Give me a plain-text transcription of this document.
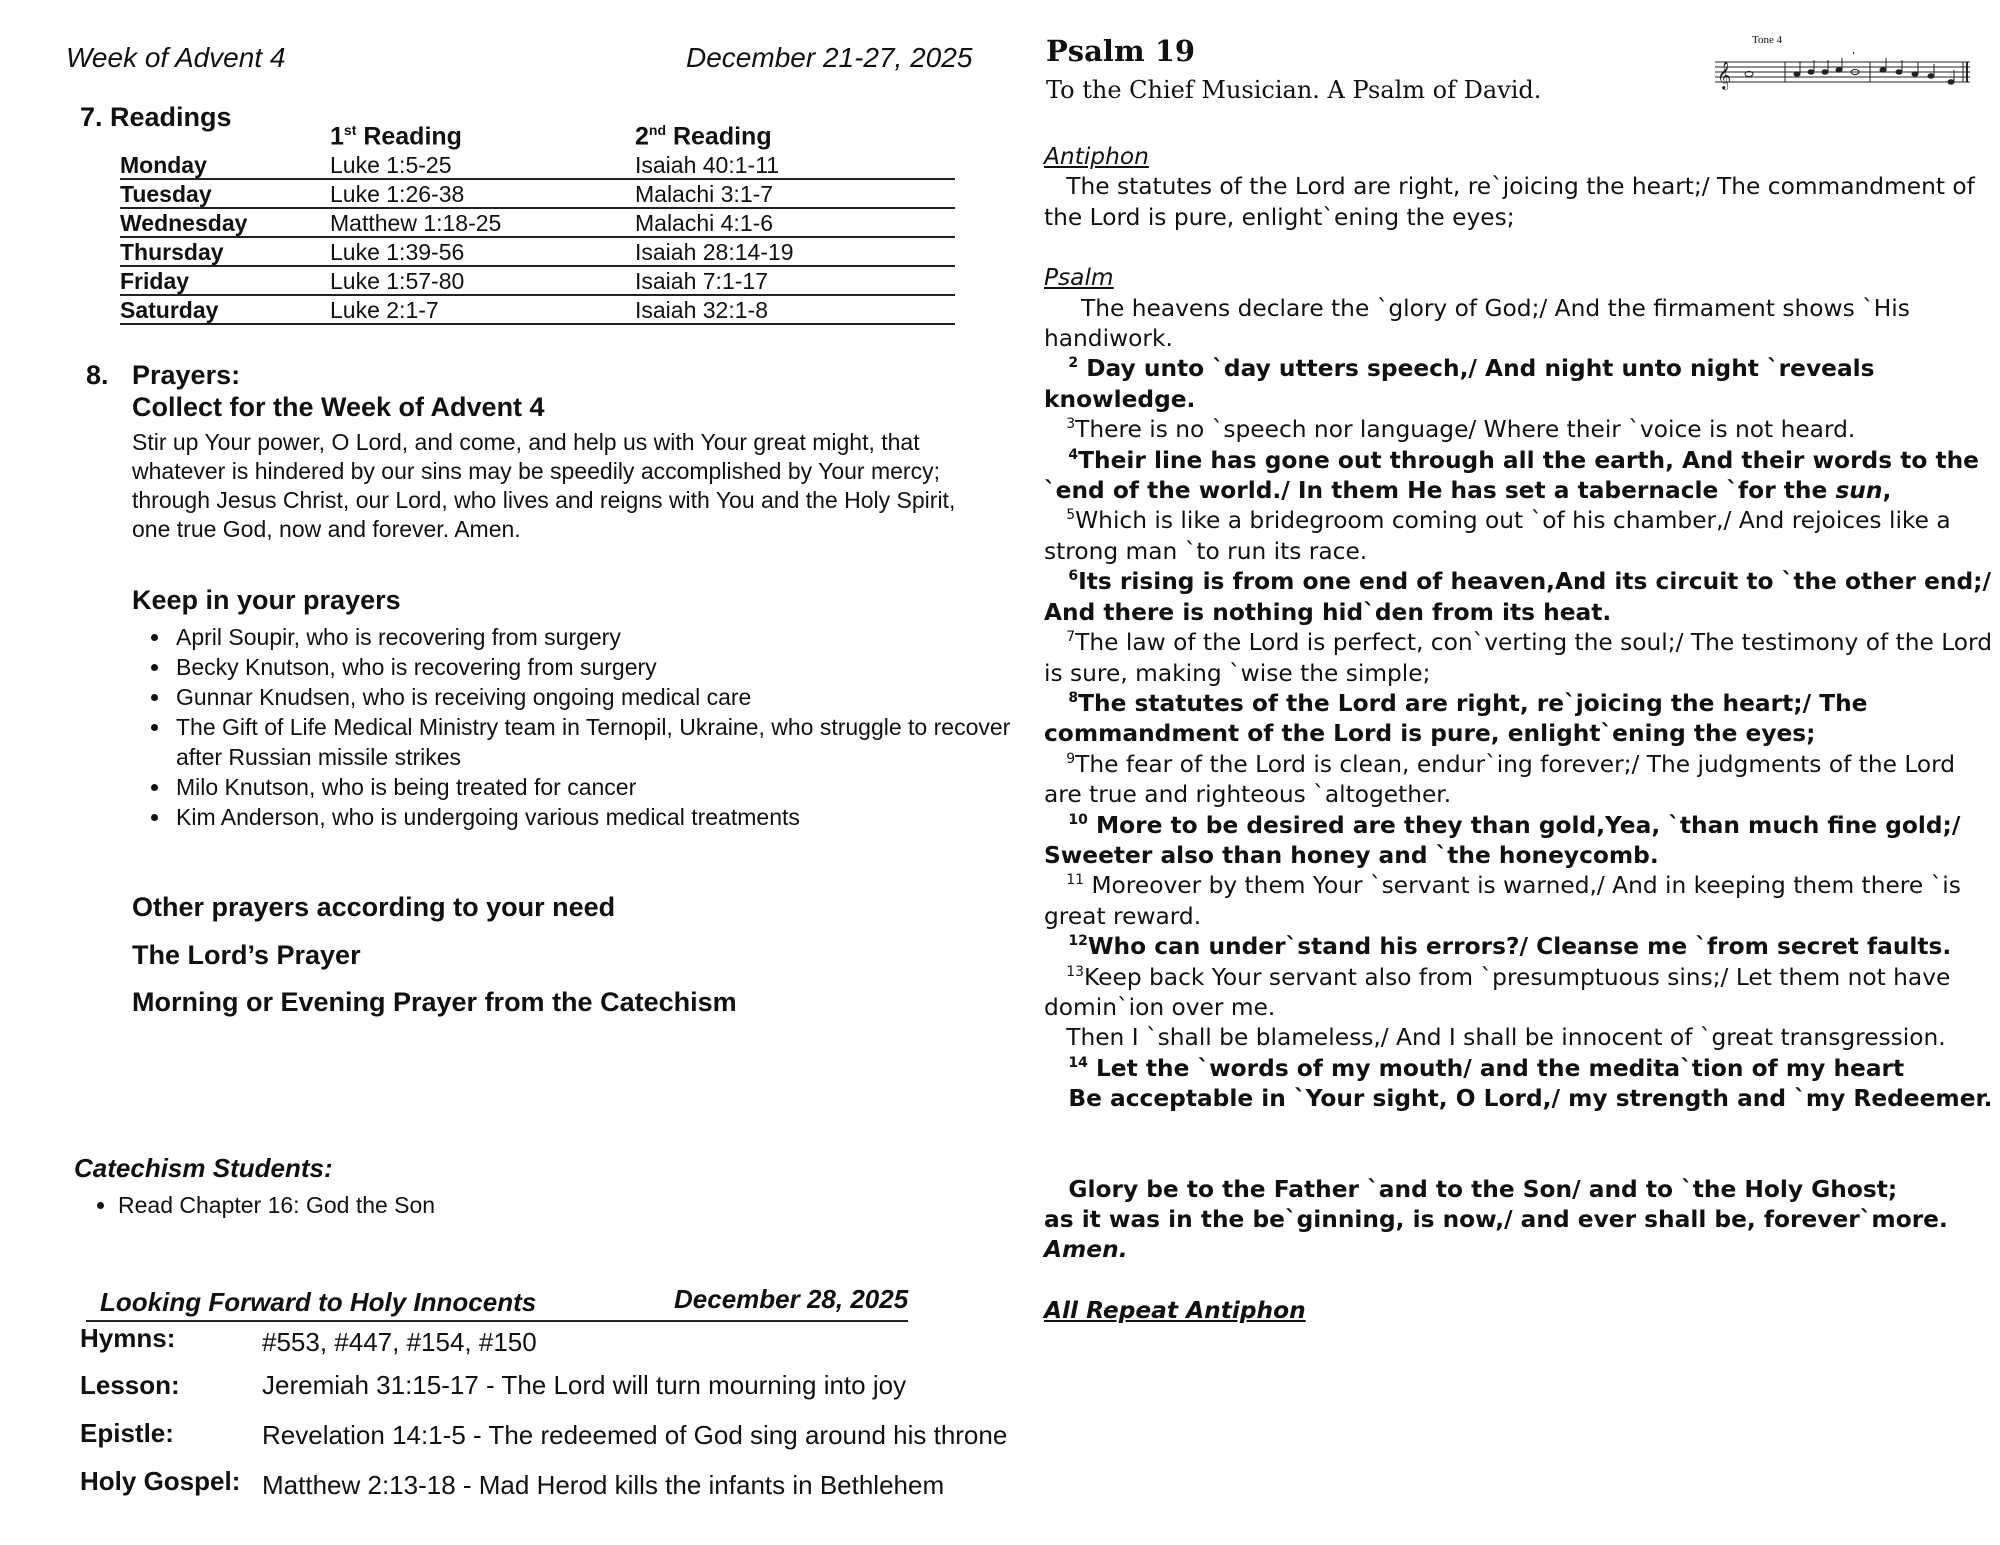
Week of Advent 4	December 21-27, 2025
7. Readings
	1st Reading	2nd Reading
Monday	Luke 1:5-25	Isaiah 40:1-11
Tuesday	Luke 1:26-38	Malachi 3:1-7
Wednesday	Matthew 1:18-25	Malachi 4:1-6
Thursday	Luke 1:39-56	Isaiah 28:14-19
Friday	Luke 1:57-80	Isaiah 7:1-17
Saturday	Luke 2:1-7	Isaiah 32:1-8
8. Prayers:
Collect for the Week of Advent 4
Stir up Your power, O Lord, and come, and help us with Your great might, that whatever is hindered by our sins may be speedily accomplished by Your mercy; through Jesus Christ, our Lord, who lives and reigns with You and the Holy Spirit, one true God, now and forever. Amen.
Keep in your prayers
• April Soupir, who is recovering from surgery
• Becky Knutson, who is recovering from surgery
• Gunnar Knudsen, who is receiving ongoing medical care
• The Gift of Life Medical Ministry team in Ternopil, Ukraine, who struggle to recover after Russian missile strikes
• Milo Knutson, who is being treated for cancer
• Kim Anderson, who is undergoing various medical treatments
Other prayers according to your need
The Lord’s Prayer
Morning or Evening Prayer from the Catechism
Catechism Students:
• Read Chapter 16: God the Son
Looking Forward to Holy Innocents	December 28, 2025
Hymns:	#553, #447, #154, #150
Lesson:	Jeremiah 31:15-17 - The Lord will turn mourning into joy
Epistle:	Revelation 14:1-5 - The redeemed of God sing around his throne
Holy Gospel: Matthew 2:13-18 - Mad Herod kills the infants in Bethlehem
Psalm 19
To the Chief Musician. A Psalm of David.
Tone 4
𝄞

Antiphon

The statutes of the Lord are right, re`joicing the heart;/ The commandment of the Lord is pure, enlight`ening the eyes;

Psalm

The heavens declare the `glory of God;/ And the firmament shows `His handiwork.

$^2$ Day unto `day utters speech,/ And night unto night `reveals knowledge.

$^3$There is no `speech nor language/ Where their `voice is not heard.

$^4$Their line has gone out through all the earth, And their words to the `end of the world./ In them He has set a tabernacle `for the sun,

$^5$Which is like a bridegroom coming out `of his chamber,/ And rejoices like a strong man `to run its race.

$^6$Its rising is from one end of heaven,And its circuit to `the other end;/ And there is nothing hid`den from its heat.

$^7$The law of the Lord is perfect, con`verting the soul;/ The testimony of the Lord is sure, making `wise the simple;

$^8$The statutes of the Lord are right, re`joicing the heart;/ The commandment of the Lord is pure, enlight`ening the eyes;

$^9$The fear of the Lord is clean, endur`ing forever;/ The judgments of the Lord are true and righteous `altogether.

$^{10}$ More to be desired are they than gold,Yea, `than much fine gold;/ Sweeter also than honey and `the honeycomb.

$^{11}$ Moreover by them Your `servant is warned,/ And in keeping them there `is great reward.

$^{12}$Who can under`stand his errors?/ Cleanse me `from secret faults.

$^{13}$Keep back Your servant also from `presumptuous sins;/ Let them not have domin`ion over me.

Then I `shall be blameless,/ And I shall be innocent of `great transgression.

$^{14}$ Let the `words of my mouth/ and the medita`tion of my heart

Be acceptable in `Your sight, O Lord,/ my strength and `my Redeemer.

Glory be to the Father `and to the Son/ and to `the Holy Ghost;

as it was in the be`ginning, is now,/ and ever shall be, forever`more. Amen.

All Repeat Antiphon
